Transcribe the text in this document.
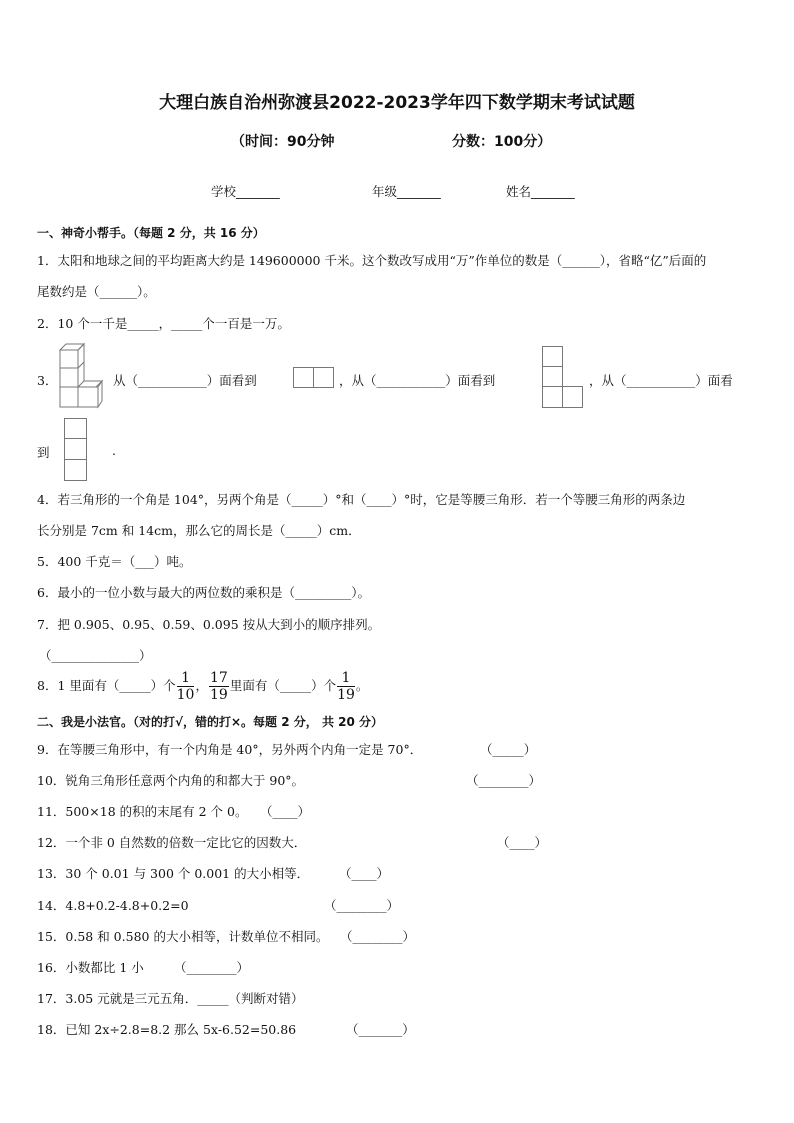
大理白族自治州弥渡县2022-2023学年四下数学期末考试试题
（时间：90分钟	分数：100分）
学校_______	年级_______	姓名_______
一、神奇小帮手。（每题 2 分，共 16 分）
1．太阳和地球之间的平均距离大约是 149600000 千米。这个数改写成用“万”作单位的数是（______），省略“亿”后面的
尾数约是（______）。
2．10 个一千是_____，_____个一百是一万。
3．	从（___________）面看到	，从（___________）面看到	，从（___________）面看
到	.
4．若三角形的一个角是 104°，另两个角是（_____）°和（____）°时，它是等腰三角形．若一个等腰三角形的两条边
长分别是 7cm 和 14cm，那么它的周长是（_____）cm．
5．400 千克＝（___）吨。
6．最小的一位小数与最大的两位数的乘积是（_________）。
7．把 0.905、0.95、0.59、0.095 按从大到小的顺序排列。
（______________）
8．1 里面有（_____）个 $\frac{1}{10}$ ， $\frac{17}{19}$ 里面有（_____）个 $\frac{1}{19}$ 。
二、我是小法官。（对的打√，错的打×。每题 2 分， 共 20 分）
9．在等腰三角形中，有一个内角是 40°，另外两个内角一定是 70°．	（_____）
10．锐角三角形任意两个内角的和都大于 90°。	（________）
11．500×18 的积的末尾有 2 个 0。 （____）
12．一个非 0 自然数的倍数一定比它的因数大．	（____）
13．30 个 0.01 与 300 个 0.001 的大小相等． （____）
14．4.8+0.2-4.8+0.2=0	（________）
15．0.58 和 0.580 的大小相等，计数单位不相同。 （________）
16．小数都比 1 小 （________）
17．3.05 元就是三元五角．_____（判断对错）
18．已知 2x÷2.8=8.2 那么 5x-6.52=50.86	（_______）
